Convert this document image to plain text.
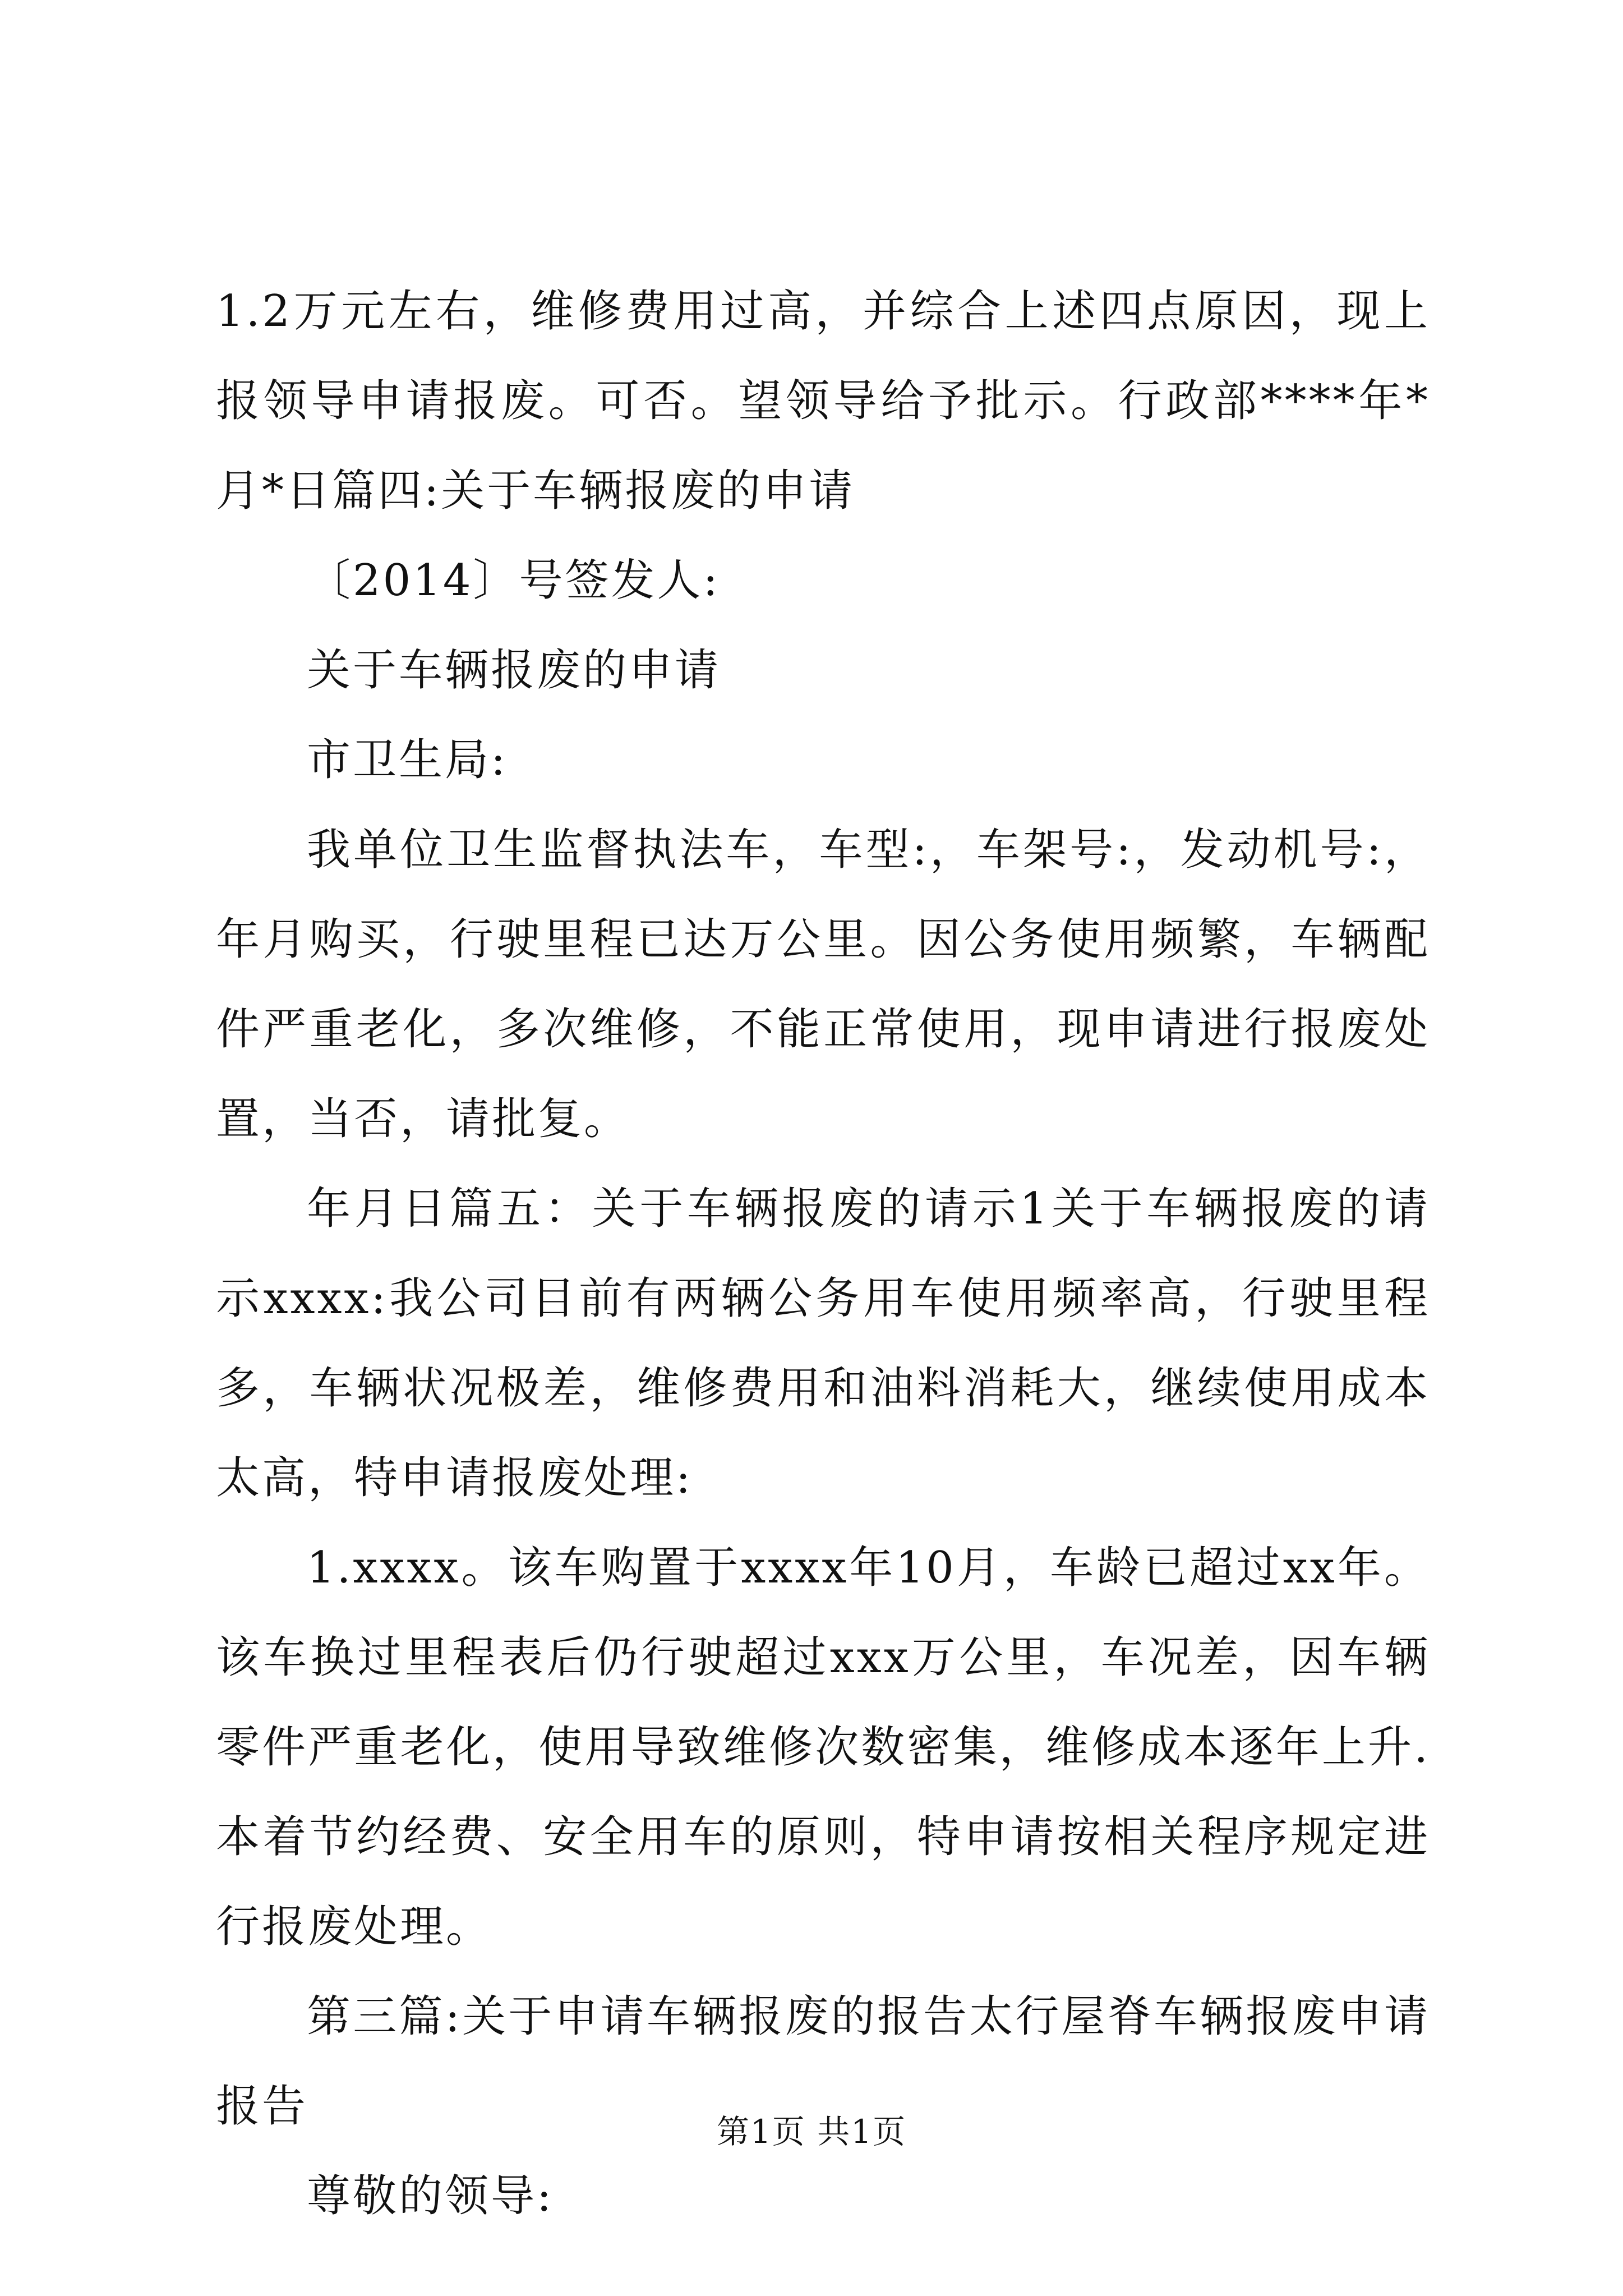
1.2万元左右，维修费用过高，并综合上述四点原因，现上报领导申请报废。可否。望领导给予批示。行政部****年*月*日篇四:关于车辆报废的申请

〔2014〕号签发人:

关于车辆报废的申请

市卫生局:

我单位卫生监督执法车，车型:，车架号:，发动机号:，年月购买，行驶里程已达万公里。因公务使用频繁，车辆配件严重老化，多次维修，不能正常使用，现申请进行报废处置，当否，请批复。

年月日篇五：关于车辆报废的请示1关于车辆报废的请示xxxx:我公司目前有两辆公务用车使用频率高，行驶里程多，车辆状况极差，维修费用和油料消耗大，继续使用成本太高，特申请报废处理:

1.xxxx。该车购置于xxxx年10月，车龄已超过xx年。该车换过里程表后仍行驶超过xxx万公里，车况差，因车辆零件严重老化，使用导致维修次数密集，维修成本逐年上升.本着节约经费、安全用车的原则，特申请按相关程序规定进行报废处理。

第三篇:关于申请车辆报废的报告太行屋脊车辆报废申请报告

尊敬的领导:

第1页 共1页
